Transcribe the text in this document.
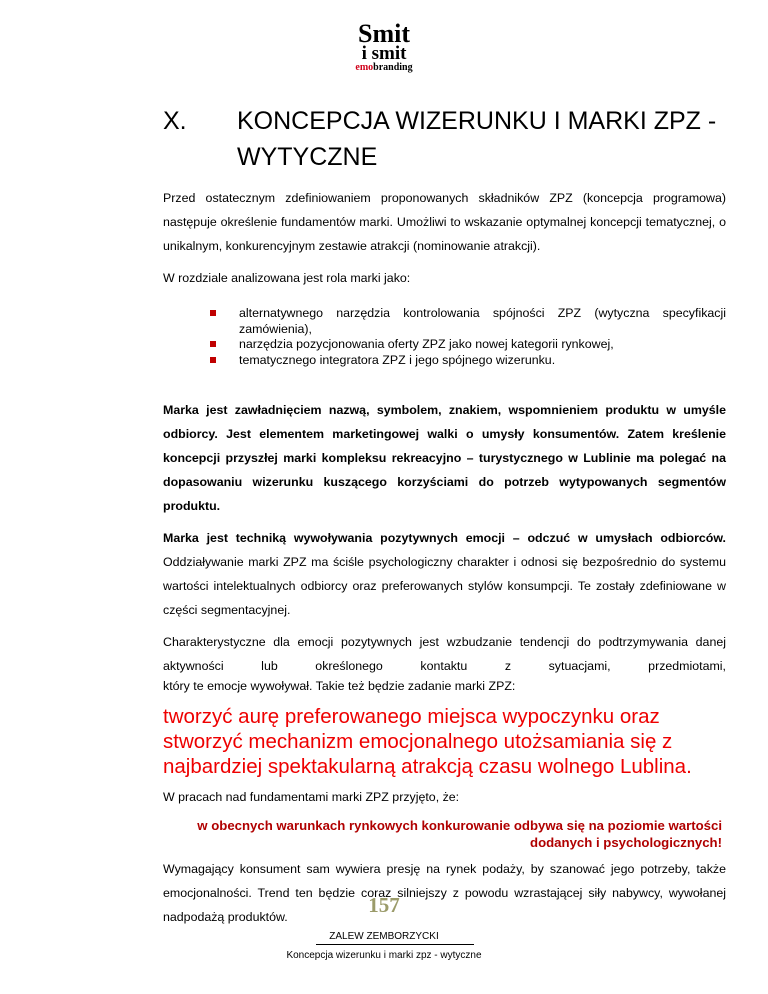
Smit
i smit
emobranding
X. KONCEPCJA WIZERUNKU I MARKI ZPZ - WYTYCZNE

Przed ostatecznym zdefiniowaniem proponowanych składników ZPZ (koncepcja programowa) następuje określenie fundamentów marki. Umożliwi to wskazanie optymalnej koncepcji tematycznej, o unikalnym, konkurencyjnym zestawie atrakcji (nominowanie atrakcji).

W rozdziale analizowana jest rola marki jako:

alternatywnego narzędzia kontrolowania spójności ZPZ (wytyczna specyfikacji zamówienia),
narzędzia pozycjonowania oferty ZPZ jako nowej kategorii rynkowej,
tematycznego integratora ZPZ i jego spójnego wizerunku.

Marka jest zawładnięciem nazwą, symbolem, znakiem, wspomnieniem produktu w umyśle odbiorcy. Jest elementem marketingowej walki o umysły konsumentów. Zatem kreślenie koncepcji przyszłej marki kompleksu rekreacyjno – turystycznego w Lublinie ma polegać na dopasowaniu wizerunku kuszącego korzyściami do potrzeb wytypowanych segmentów produktu.

Marka jest techniką wywoływania pozytywnych emocji – odczuć w umysłach odbiorców. Oddziaływanie marki ZPZ ma ściśle psychologiczny charakter i odnosi się bezpośrednio do systemu wartości intelektualnych odbiorcy oraz preferowanych stylów konsumpcji. Te zostały zdefiniowane w części segmentacyjnej.

Charakterystyczne dla emocji pozytywnych jest wzbudzanie tendencji do podtrzymywania danej aktywności lub określonego kontaktu z sytuacjami, przedmiotami,

który te emocje wywoływał. Takie też będzie zadanie marki ZPZ:

tworzyć aurę preferowanego miejsca wypoczynku oraz stworzyć mechanizm emocjonalnego utożsamiania się z najbardziej spektakularną atrakcją czasu wolnego Lublina.

W pracach nad fundamentami marki ZPZ przyjęto, że:

w obecnych warunkach rynkowych konkurowanie odbywa się na poziomie wartości dodanych i psychologicznych!

Wymagający konsument sam wywiera presję na rynek podaży, by szanować jego potrzeby, także emocjonalności. Trend ten będzie coraz silniejszy z powodu wzrastającej siły nabywcy, wywołanej nadpodażą produktów.	157
ZALEW ZEMBORZYCKI
Koncepcja wizerunku i marki zpz - wytyczne
